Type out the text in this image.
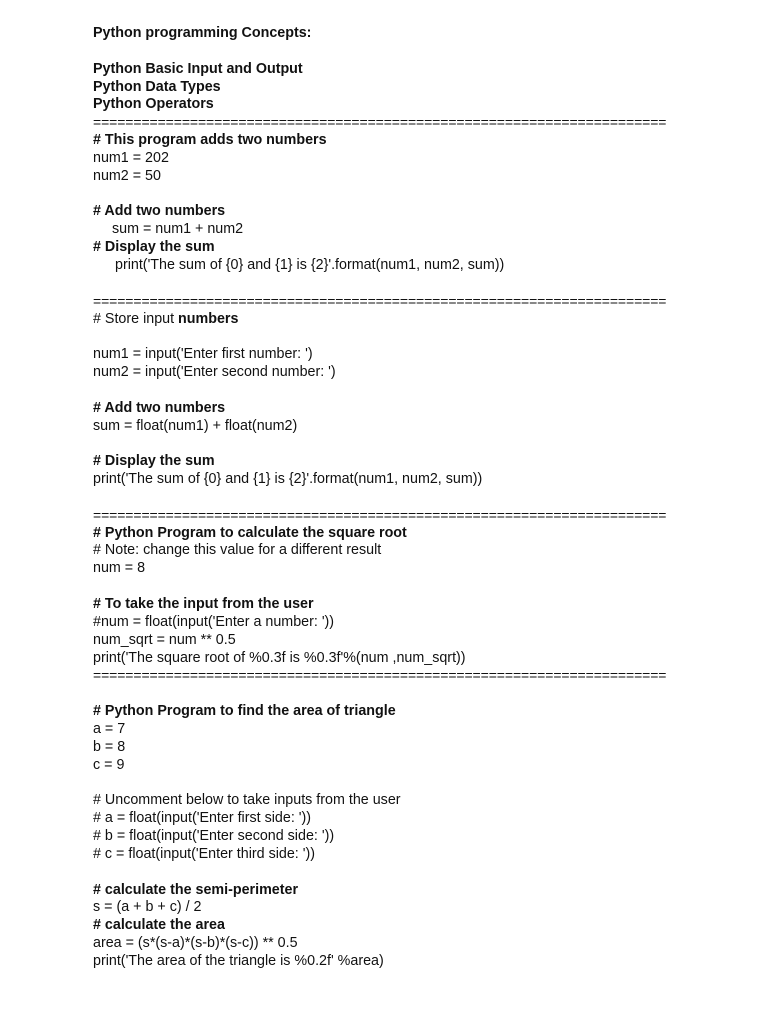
Python programming Concepts:
Python Basic Input and Output
Python Data Types
Python Operators
=======================================================================
# This program adds two numbers
num1 = 202
num2 = 50
# Add two numbers
sum = num1 + num2
# Display the sum
print('The sum of {0} and {1} is {2}'.format(num1, num2, sum))
=======================================================================
# Store input numbers
num1 = input('Enter first number: ')
num2 = input('Enter second number: ')
# Add two numbers
sum = float(num1) + float(num2)
# Display the sum
print('The sum of {0} and {1} is {2}'.format(num1, num2, sum))
=======================================================================
# Python Program to calculate the square root
# Note: change this value for a different result
num = 8
# To take the input from the user
#num = float(input('Enter a number: '))
num_sqrt = num ** 0.5
print('The square root of %0.3f is %0.3f'%(num ,num_sqrt))
=======================================================================
# Python Program to find the area of triangle
a = 7
b = 8
c = 9
# Uncomment below to take inputs from the user
# a = float(input('Enter first side: '))
# b = float(input('Enter second side: '))
# c = float(input('Enter third side: '))
# calculate the semi-perimeter
s = (a + b + c) / 2
# calculate the area
area = (s*(s-a)*(s-b)*(s-c)) ** 0.5
print('The area of the triangle is %0.2f' %area)
